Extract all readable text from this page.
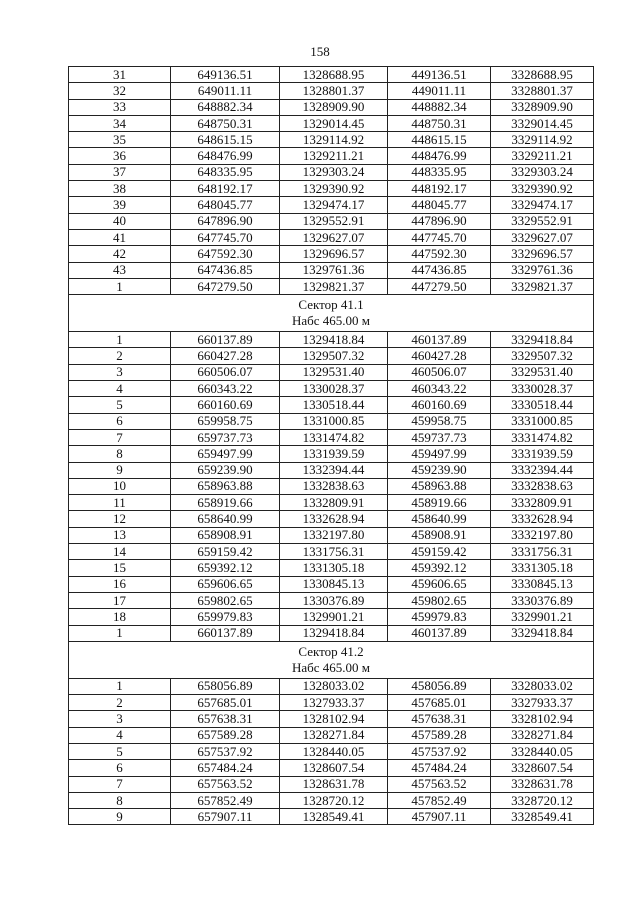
158
31	649136.51	1328688.95	449136.51	3328688.95
32	649011.11	1328801.37	449011.11	3328801.37
33	648882.34	1328909.90	448882.34	3328909.90
34	648750.31	1329014.45	448750.31	3329014.45
35	648615.15	1329114.92	448615.15	3329114.92
36	648476.99	1329211.21	448476.99	3329211.21
37	648335.95	1329303.24	448335.95	3329303.24
38	648192.17	1329390.92	448192.17	3329390.92
39	648045.77	1329474.17	448045.77	3329474.17
40	647896.90	1329552.91	447896.90	3329552.91
41	647745.70	1329627.07	447745.70	3329627.07
42	647592.30	1329696.57	447592.30	3329696.57
43	647436.85	1329761.36	447436.85	3329761.36
1	647279.50	1329821.37	447279.50	3329821.37

Сектор 41.1
Набс 465.00 м				

1	660137.89	1329418.84	460137.89	3329418.84
2	660427.28	1329507.32	460427.28	3329507.32
3	660506.07	1329531.40	460506.07	3329531.40
4	660343.22	1330028.37	460343.22	3330028.37
5	660160.69	1330518.44	460160.69	3330518.44
6	659958.75	1331000.85	459958.75	3331000.85
7	659737.73	1331474.82	459737.73	3331474.82
8	659497.99	1331939.59	459497.99	3331939.59
9	659239.90	1332394.44	459239.90	3332394.44
10	658963.88	1332838.63	458963.88	3332838.63
11	658919.66	1332809.91	458919.66	3332809.91
12	658640.99	1332628.94	458640.99	3332628.94
13	658908.91	1332197.80	458908.91	3332197.80
14	659159.42	1331756.31	459159.42	3331756.31
15	659392.12	1331305.18	459392.12	3331305.18
16	659606.65	1330845.13	459606.65	3330845.13
17	659802.65	1330376.89	459802.65	3330376.89
18	659979.83	1329901.21	459979.83	3329901.21
1	660137.89	1329418.84	460137.89	3329418.84

Сектор 41.2
Набс 465.00 м				

1	658056.89	1328033.02	458056.89	3328033.02
2	657685.01	1327933.37	457685.01	3327933.37
3	657638.31	1328102.94	457638.31	3328102.94
4	657589.28	1328271.84	457589.28	3328271.84
5	657537.92	1328440.05	457537.92	3328440.05
6	657484.24	1328607.54	457484.24	3328607.54
7	657563.52	1328631.78	457563.52	3328631.78
8	657852.49	1328720.12	457852.49	3328720.12
9	657907.11	1328549.41	457907.11	3328549.41
